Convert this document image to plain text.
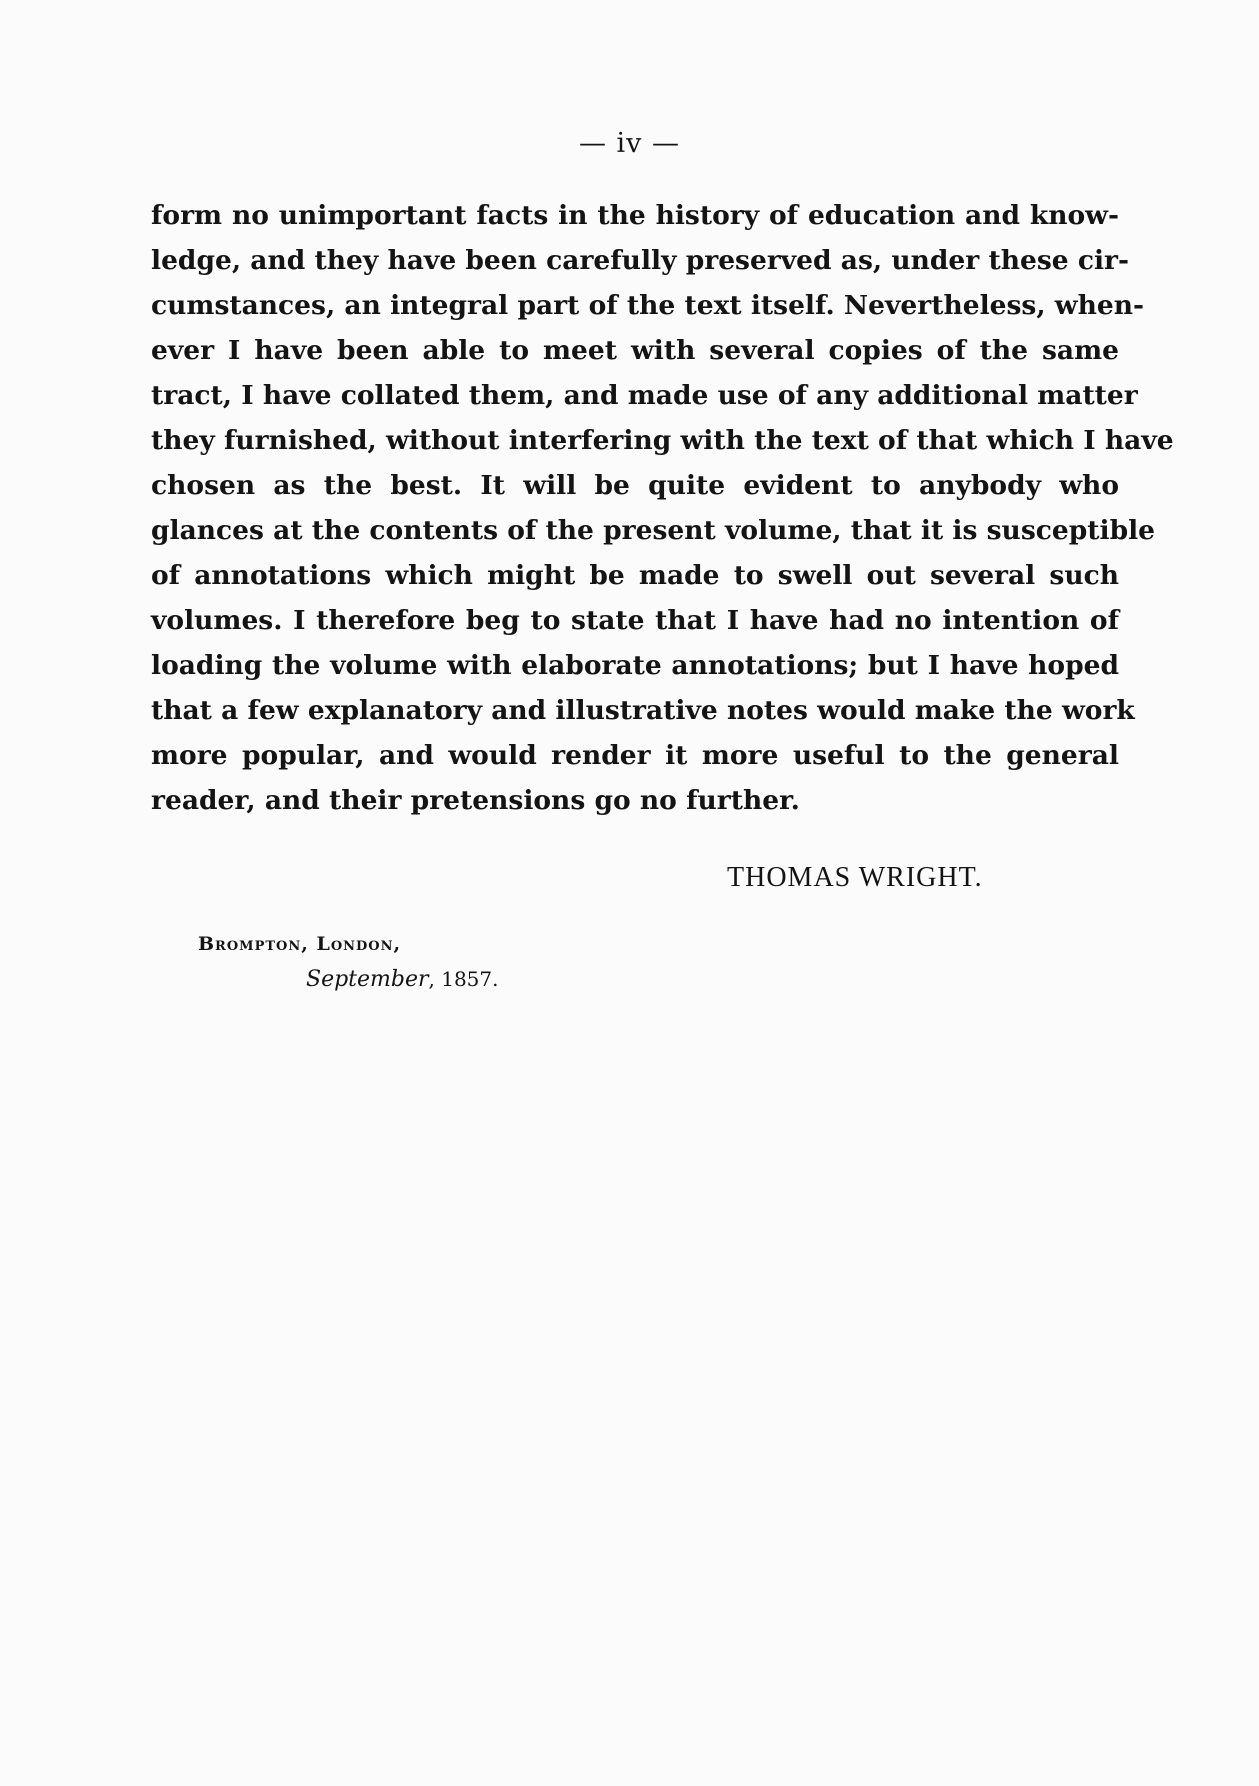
— iv —
form no unimportant facts in the history of education and know-
ledge, and they have been carefully preserved as, under these cir-
cumstances, an integral part of the text itself. Nevertheless, when-
ever I have been able to meet with several copies of the same
tract, I have collated them, and made use of any additional matter
they furnished, without interfering with the text of that which I have
chosen as the best. It will be quite evident to anybody who
glances at the contents of the present volume, that it is susceptible
of annotations which might be made to swell out several such
volumes. I therefore beg to state that I have had no intention of
loading the volume with elaborate annotations; but I have hoped
that a few explanatory and illustrative notes would make the work
more popular, and would render it more useful to the general
reader, and their pretensions go no further.
THOMAS WRIGHT.
Brompton, London,
September, 1857.
